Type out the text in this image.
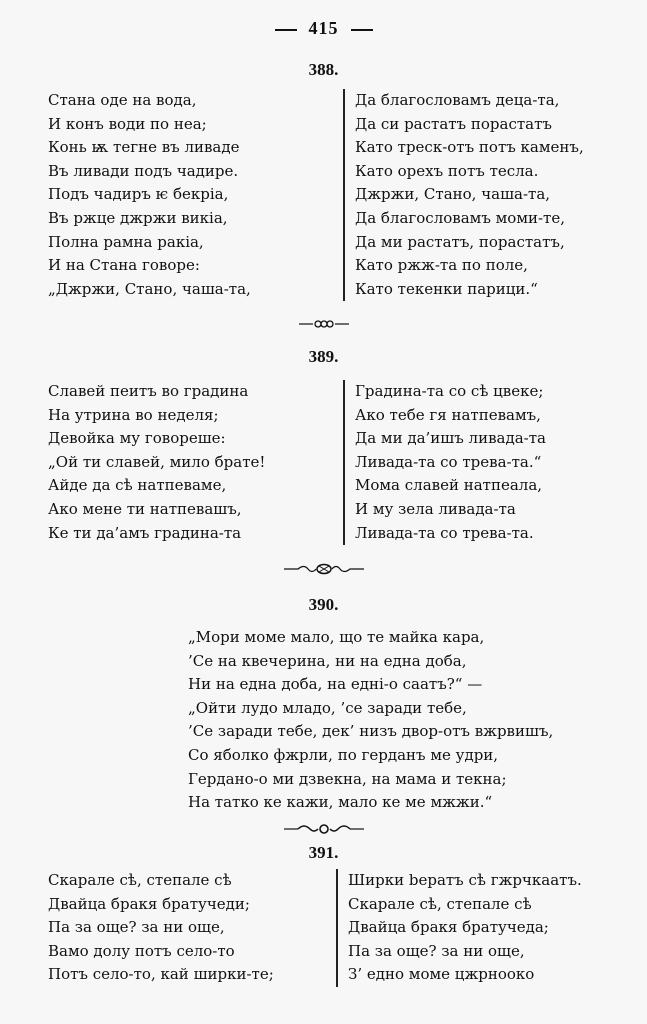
415
388.
Стана оде на вода,
И конъ води по неа;
Конь ѭ тегне въ ливаде
Въ ливади подъ чадире.
Подъ чадиръ ѥ бекріа,
Въ ржце джржи викіа,
Полна рамна ракіа,
И на Стана говоре:
„Джржи, Стано, чаша-та,
Да благословамъ деца-та,
Да си растатъ порастатъ
Като треск-отъ потъ каменъ,
Като орехъ потъ тесла.
Джржи, Стано, чаша-та,
Да благословамъ моми-те,
Да ми растатъ, порастатъ,
Като ржж-та по поле,
Като текенки парици.“
389.
Славей пеитъ во градина
На утрина во неделя;
Девойка му говореше:
„Ой ти славей, мило брате!
Айде да сѣ натпеваме,
Ако мене ти натпевашъ,
Ке ти да’амъ градина-та
Градина-та со сѣ цвеке;
Ако тебе гя натпевамъ,
Да ми да’ишъ ливада-та
Ливада-та со трева-та.“
Мома славей натпеала,
И му зела ливада-та
Ливада-та со трева-та.
390.
„Мори моме мало, що те майка кара,
’Се на квечерина, ни на една доба,
Ни на една доба, на едні-о саатъ?“ —
„Ойти лудо младо, ’се заради тебе,
’Се заради тебе, дек’ низъ двор-отъ вжрвишъ,
Со яболко фжрли, по герданъ ме удри,
Гердано-о ми дзвекна, на мама и текна;
На татко ке кажи, мало ке ме мжжи.“
391.
Скарале сѣ, степале сѣ
Двайца бракя братучеди;
Па за още? за ни още,
Вамо долу потъ село-то
Потъ село-то, кай ширки-те;
Ширки beратъ сѣ гжрчкаатъ.
Скарале сѣ, степале сѣ
Двайца бракя братучеда;
Па за още? за ни още,
З’ едно моме цжрнооко
